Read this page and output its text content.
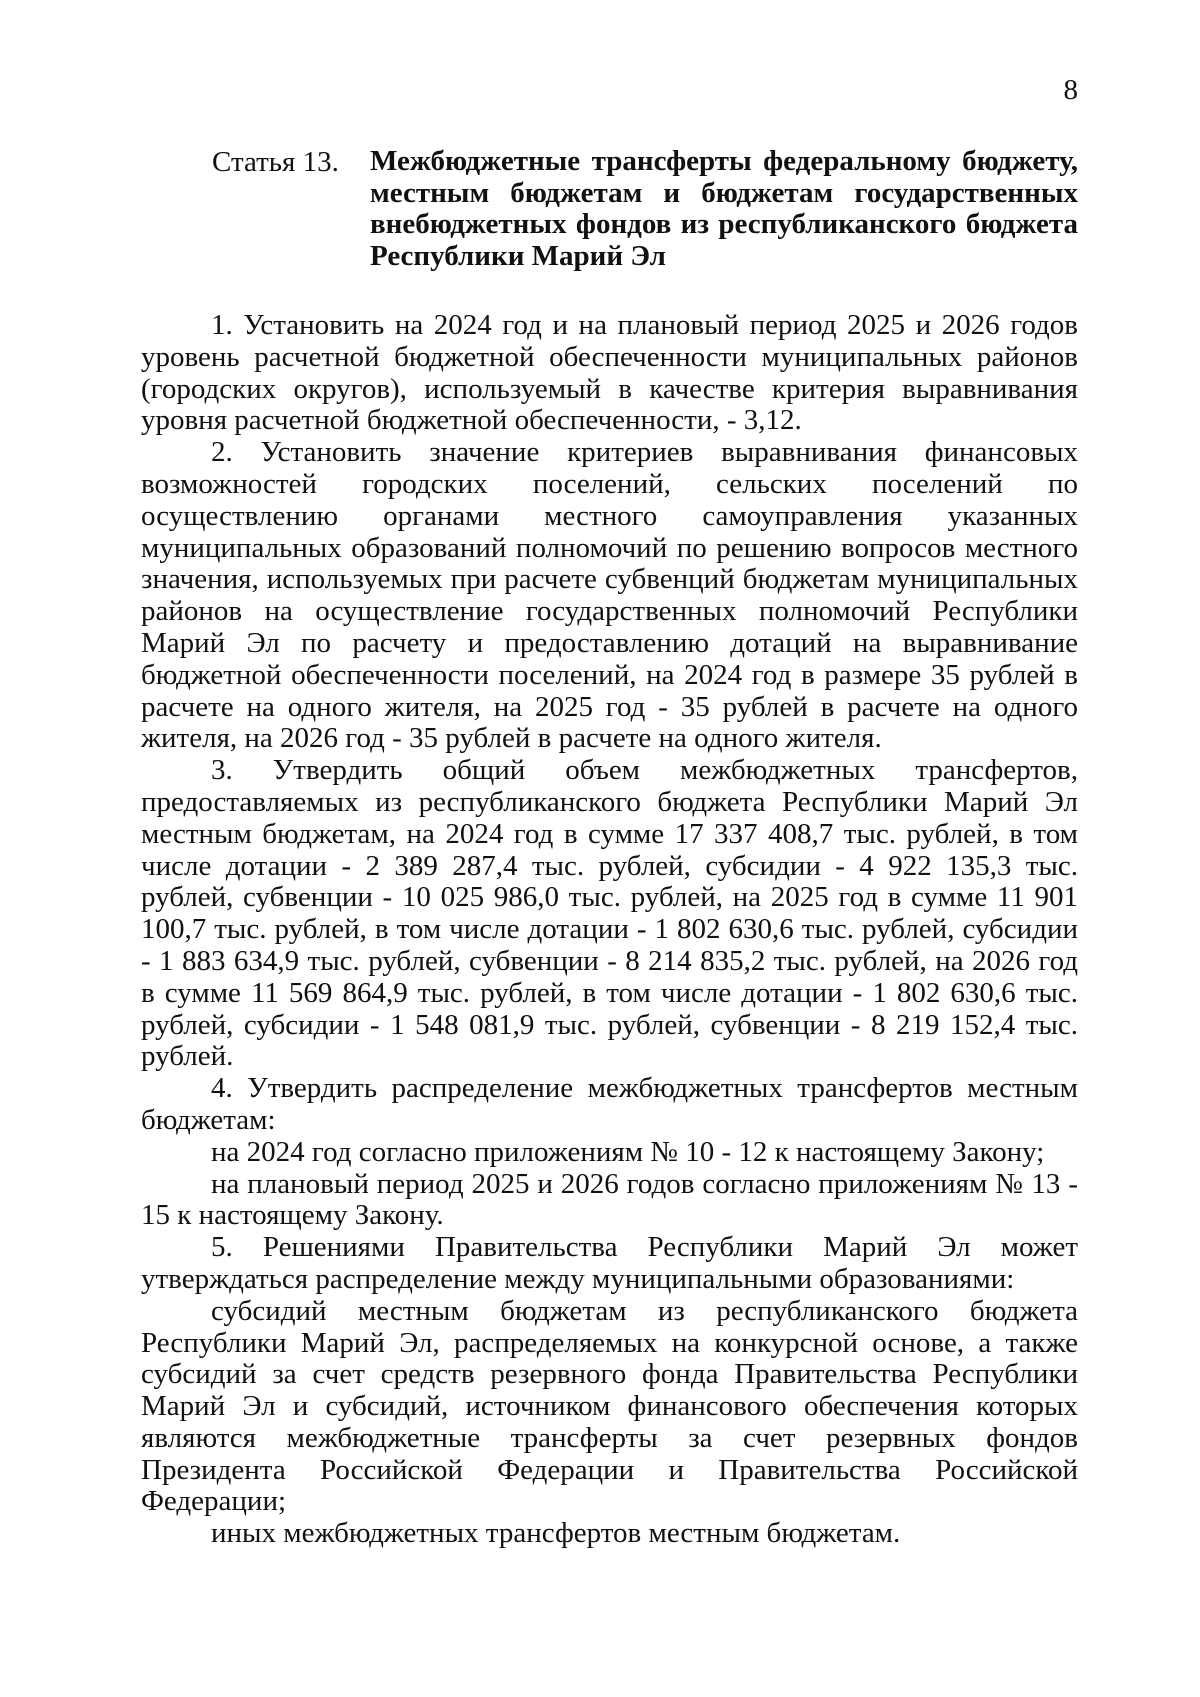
8
Статья 13.	Межбюджетные трансферты федеральному бюджету, местным бюджетам и бюджетам государственных внебюджетных фондов из республиканского бюджета Республики Марий Эл

1. Установить на 2024 год и на плановый период 2025 и 2026 годов уровень расчетной бюджетной обеспеченности муниципальных районов (городских округов), используемый в качестве критерия выравнивания уровня расчетной бюджетной обеспеченности, - 3,12.

2. Установить значение критериев выравнивания финансовых возможностей городских поселений, сельских поселений по осуществлению органами местного самоуправления указанных муниципальных образований полномочий по решению вопросов местного значения, используемых при расчете субвенций бюджетам муниципальных районов на осуществление государственных полномочий Республики Марий Эл по расчету и предоставлению дотаций на выравнивание бюджетной обеспеченности поселений, на 2024 год в размере 35 рублей в расчете на одного жителя, на 2025 год - 35 рублей в расчете на одного жителя, на 2026 год - 35 рублей в расчете на одного жителя.

3. Утвердить общий объем межбюджетных трансфертов, предоставляемых из республиканского бюджета Республики Марий Эл местным бюджетам, на 2024 год в сумме 17 337 408,7 тыс. рублей, в том числе дотации - 2 389 287,4 тыс. рублей, субсидии - 4 922 135,3 тыс. рублей, субвенции - 10 025 986,0 тыс. рублей, на 2025 год в сумме 11 901 100,7 тыс. рублей, в том числе дотации - 1 802 630,6 тыс. рублей, субсидии - 1 883 634,9 тыс. рублей, субвенции - 8 214 835,2 тыс. рублей, на 2026 год в сумме 11 569 864,9 тыс. рублей, в том числе дотации - 1 802 630,6 тыс. рублей, субсидии - 1 548 081,9 тыс. рублей, субвенции - 8 219 152,4 тыс. рублей.

4. Утвердить распределение межбюджетных трансфертов местным бюджетам:

на 2024 год согласно приложениям № 10 - 12 к настоящему Закону;

на плановый период 2025 и 2026 годов согласно приложениям № 13 - 15 к настоящему Закону.

5. Решениями Правительства Республики Марий Эл может утверждаться распределение между муниципальными образованиями:

субсидий местным бюджетам из республиканского бюджета Республики Марий Эл, распределяемых на конкурсной основе, а также субсидий за счет средств резервного фонда Правительства Республики Марий Эл и субсидий, источником финансового обеспечения которых являются межбюджетные трансферты за счет резервных фондов Президента Российской Федерации и Правительства Российской Федерации;

иных межбюджетных трансфертов местным бюджетам.
